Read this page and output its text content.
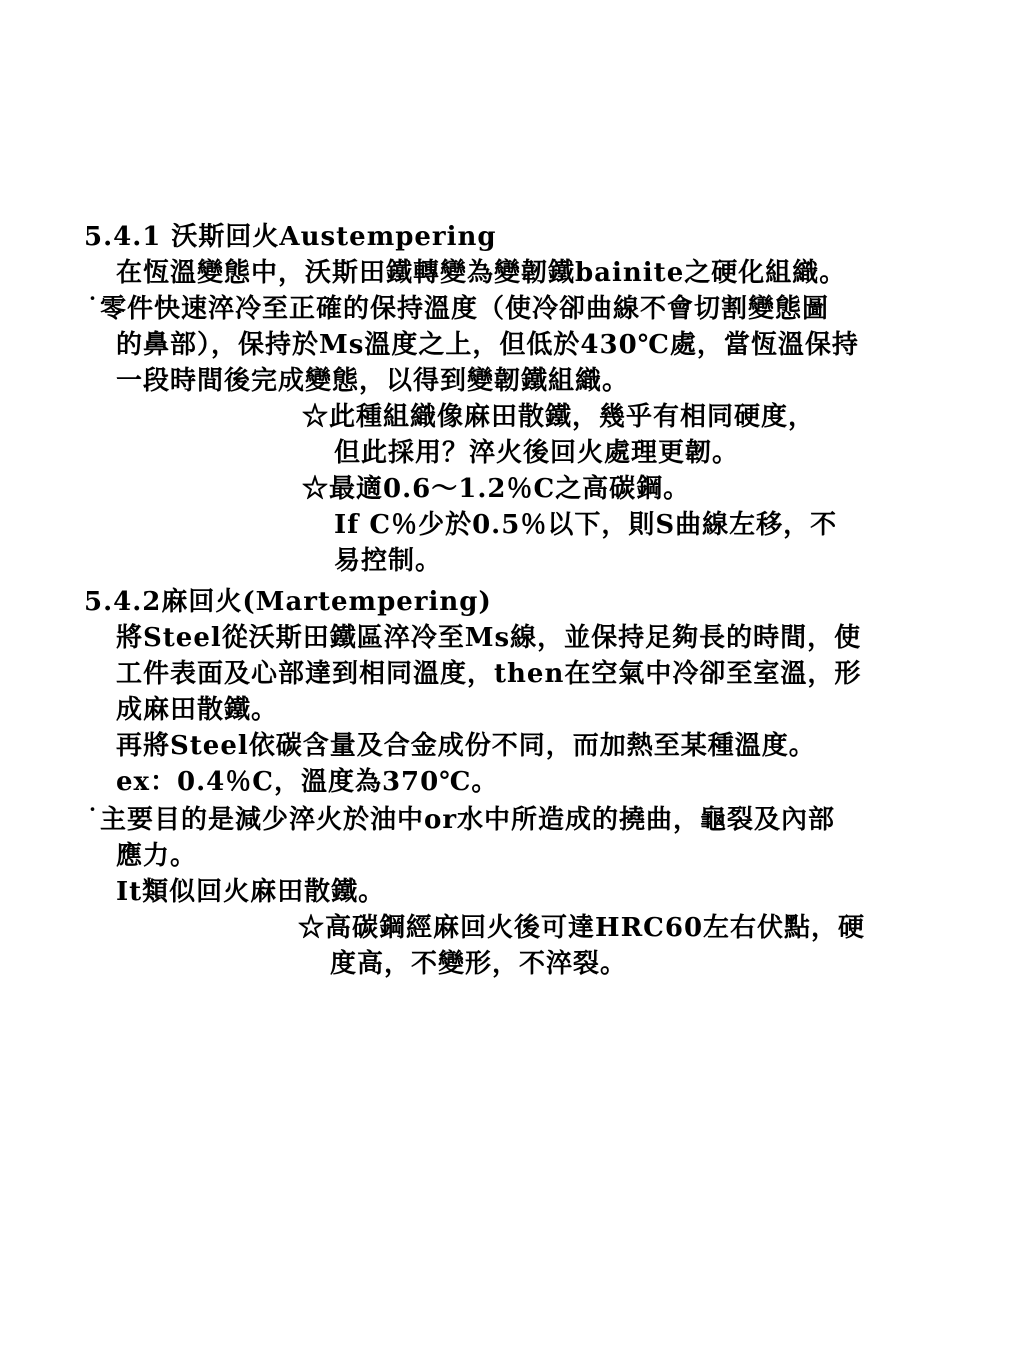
5.4.1 沃斯回火Austempering
在恆溫變態中，沃斯田鐵轉變為變韌鐵bainite之硬化組織。
˙零件快速淬冷至正確的保持溫度（使冷卻曲線不會切割變態圖
的鼻部），保持於Ms溫度之上，但低於430℃處，當恆溫保持
一段時間後完成變態，以得到變韌鐵組織。
☆此種組織像麻田散鐵，幾乎有相同硬度，
但此採用？淬火後回火處理更韌。
☆最適0.6～1.2％C之高碳鋼。
If C％少於0.5％以下，則S曲線左移，不
易控制。
5.4.2麻回火(Martempering)
將Steel從沃斯田鐵區淬冷至Ms線，並保持足夠長的時間，使
工件表面及心部達到相同溫度，then在空氣中冷卻至室溫，形
成麻田散鐵。
再將Steel依碳含量及合金成份不同，而加熱至某種溫度。
ex：0.4％C，溫度為370℃。
˙主要目的是減少淬火於油中or水中所造成的撓曲，龜裂及內部
應力。
It類似回火麻田散鐵。
☆高碳鋼經麻回火後可達HRC60左右伏點，硬
度高，不變形，不淬裂。
